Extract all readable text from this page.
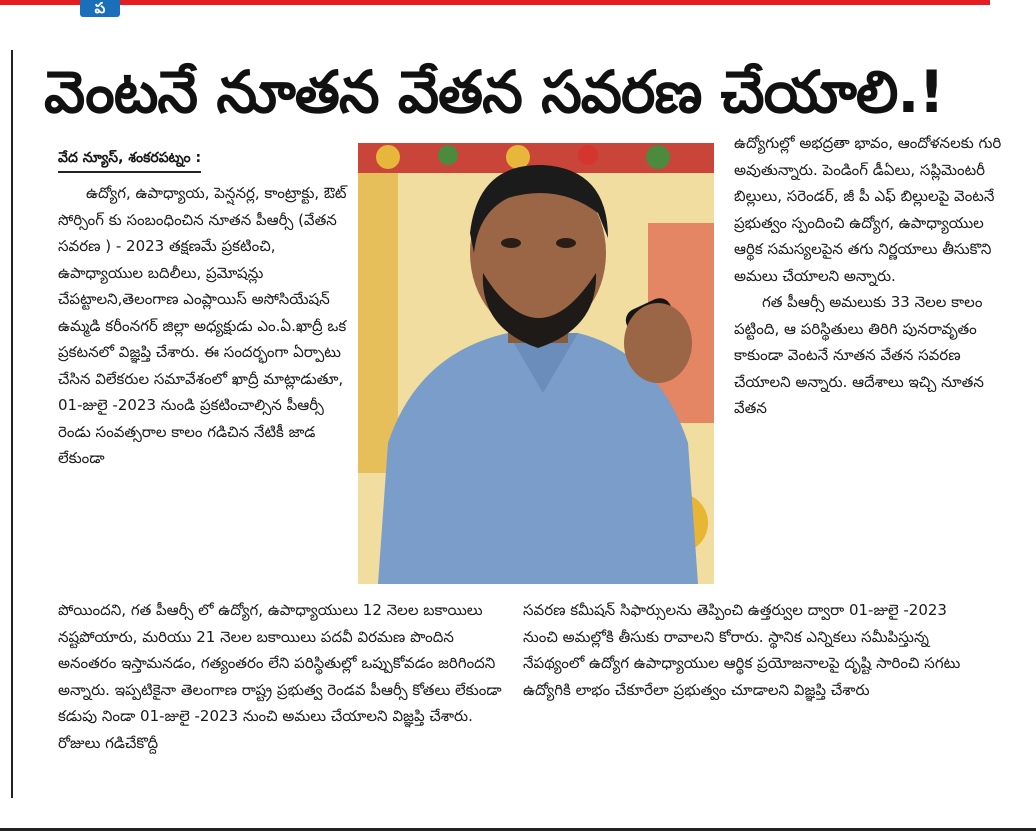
ప
వెంటనే నూతన వేతన సవరణ చేయాలి.!
వేద న్యూస్, శంకరపట్నం :

ఉద్యోగ, ఉపాధ్యాయ, పెన్షనర్ల, కాంట్రాక్టు, ఔట్ సోర్సింగ్ కు సంబంధించిన నూతన పీఆర్సీ (వేతన సవరణ ) - 2023 తక్షణమే ప్రకటించి, ఉపాధ్యాయుల బదిలీలు, ప్రమోషన్లు చేపట్టాలని,తెలంగాణ ఎంప్లాయిస్ అసోసియేషన్ ఉమ్మడి కరీంనగర్ జిల్లా అధ్యక్షుడు ఎం.ఏ.ఖాద్రీ ఒక ప్రకటనలో విజ్ఞప్తి చేశారు. ఈ సందర్భంగా ఏర్పాటు చేసిన విలేకరుల సమావేశంలో ఖాద్రీ మాట్లాడుతూ, 01-జులై -2023 నుండి ప్రకటించాల్సిన పీఆర్సీ రెండు సంవత్సరాల కాలం గడిచిన నేటికీ జాడ లేకుండా

పోయిందని, గత పీఆర్సీ లో ఉద్యోగ, ఉపాధ్యాయులు 12 నెలల బకాయిలు నష్టపోయారు, మరియు 21 నెలల బకాయిలు పదవీ విరమణ పొందిన అనంతరం ఇస్తామనడం, గత్యంతరం లేని పరిస్థితుల్లో ఒప్పుకోవడం జరిగిందని అన్నారు. ఇప్పటికైనా తెలంగాణ రాష్ట్ర ప్రభుత్వ రెండవ పీఆర్సీ కోతలు లేకుండా కడుపు నిండా 01-జులై -2023 నుంచి అమలు చేయాలని విజ్ఞప్తి చేశారు. రోజులు గడిచేకొద్దీ

ఉద్యోగుల్లో అభద్రతా భావం, ఆందోళనలకు గురి అవుతున్నారు. పెండింగ్ డీఏలు, సప్లిమెంటరీ బిల్లులు, సరెండర్, జీ పీ ఎఫ్ బిల్లులపై వెంటనే ప్రభుత్వం స్పందించి ఉద్యోగ, ఉపాధ్యాయుల ఆర్థిక సమస్యలపైన తగు నిర్ణయాలు తీసుకొని అమలు చేయాలని అన్నారు.

గత పీఆర్సీ అమలుకు 33 నెలల కాలం పట్టింది, ఆ పరిస్థితులు తిరిగి పునరావృతం కాకుండా వెంటనే నూతన వేతన సవరణ చేయాలని అన్నారు. ఆదేశాలు ఇచ్చి నూతన వేతన

సవరణ కమీషన్ సిఫార్సులను తెప్పించి ఉత్తర్వుల ద్వారా 01-జులై -2023 నుంచి అమల్లోకి తీసుకు రావాలని కోరారు. స్థానిక ఎన్నికలు సమీపిస్తున్న నేపథ్యంలో ఉద్యోగ ఉపాధ్యాయుల ఆర్థిక ప్రయోజనాలపై దృష్టి సారించి సగటు ఉద్యోగికి లాభం చేకూరేలా ప్రభుత్వం చూడాలని విజ్ఞప్తి చేశారు
